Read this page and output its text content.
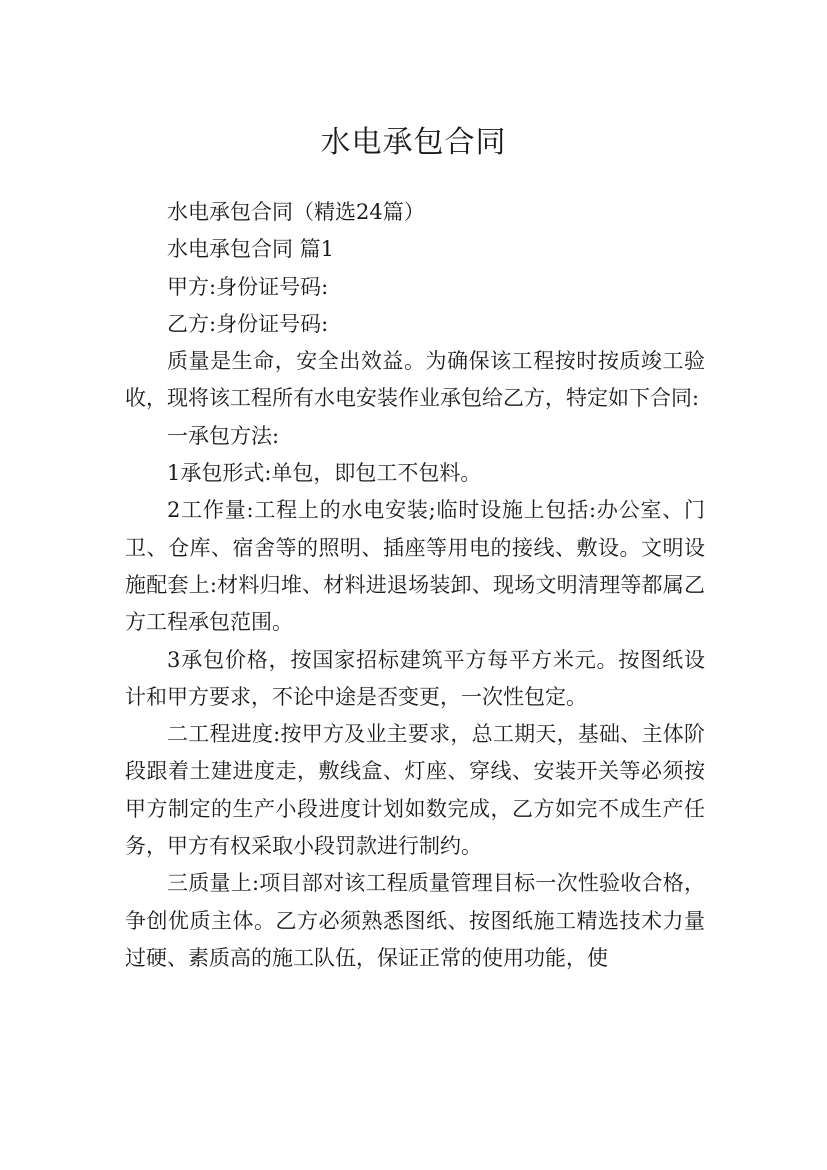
水电承包合同

水电承包合同（精选24篇）

水电承包合同 篇1

甲方:身份证号码:

乙方:身份证号码:

质量是生命，安全出效益。为确保该工程按时按质竣工验收，现将该工程所有水电安装作业承包给乙方，特定如下合同:

一承包方法:

1承包形式:单包，即包工不包料。

2工作量:工程上的水电安装;临时设施上包括:办公室、门卫、仓库、宿舍等的照明、插座等用电的接线、敷设。文明设施配套上:材料归堆、材料进退场装卸、现场文明清理等都属乙方工程承包范围。

3承包价格，按国家招标建筑平方每平方米元。按图纸设计和甲方要求，不论中途是否变更，一次性包定。

二工程进度:按甲方及业主要求，总工期天，基础、主体阶段跟着土建进度走，敷线盒、灯座、穿线、安装开关等必须按甲方制定的生产小段进度计划如数完成，乙方如完不成生产任务，甲方有权采取小段罚款进行制约。

三质量上:项目部对该工程质量管理目标一次性验收合格，争创优质主体。乙方必须熟悉图纸、按图纸施工精选技术力量过硬、素质高的施工队伍，保证正常的使用功能，使
